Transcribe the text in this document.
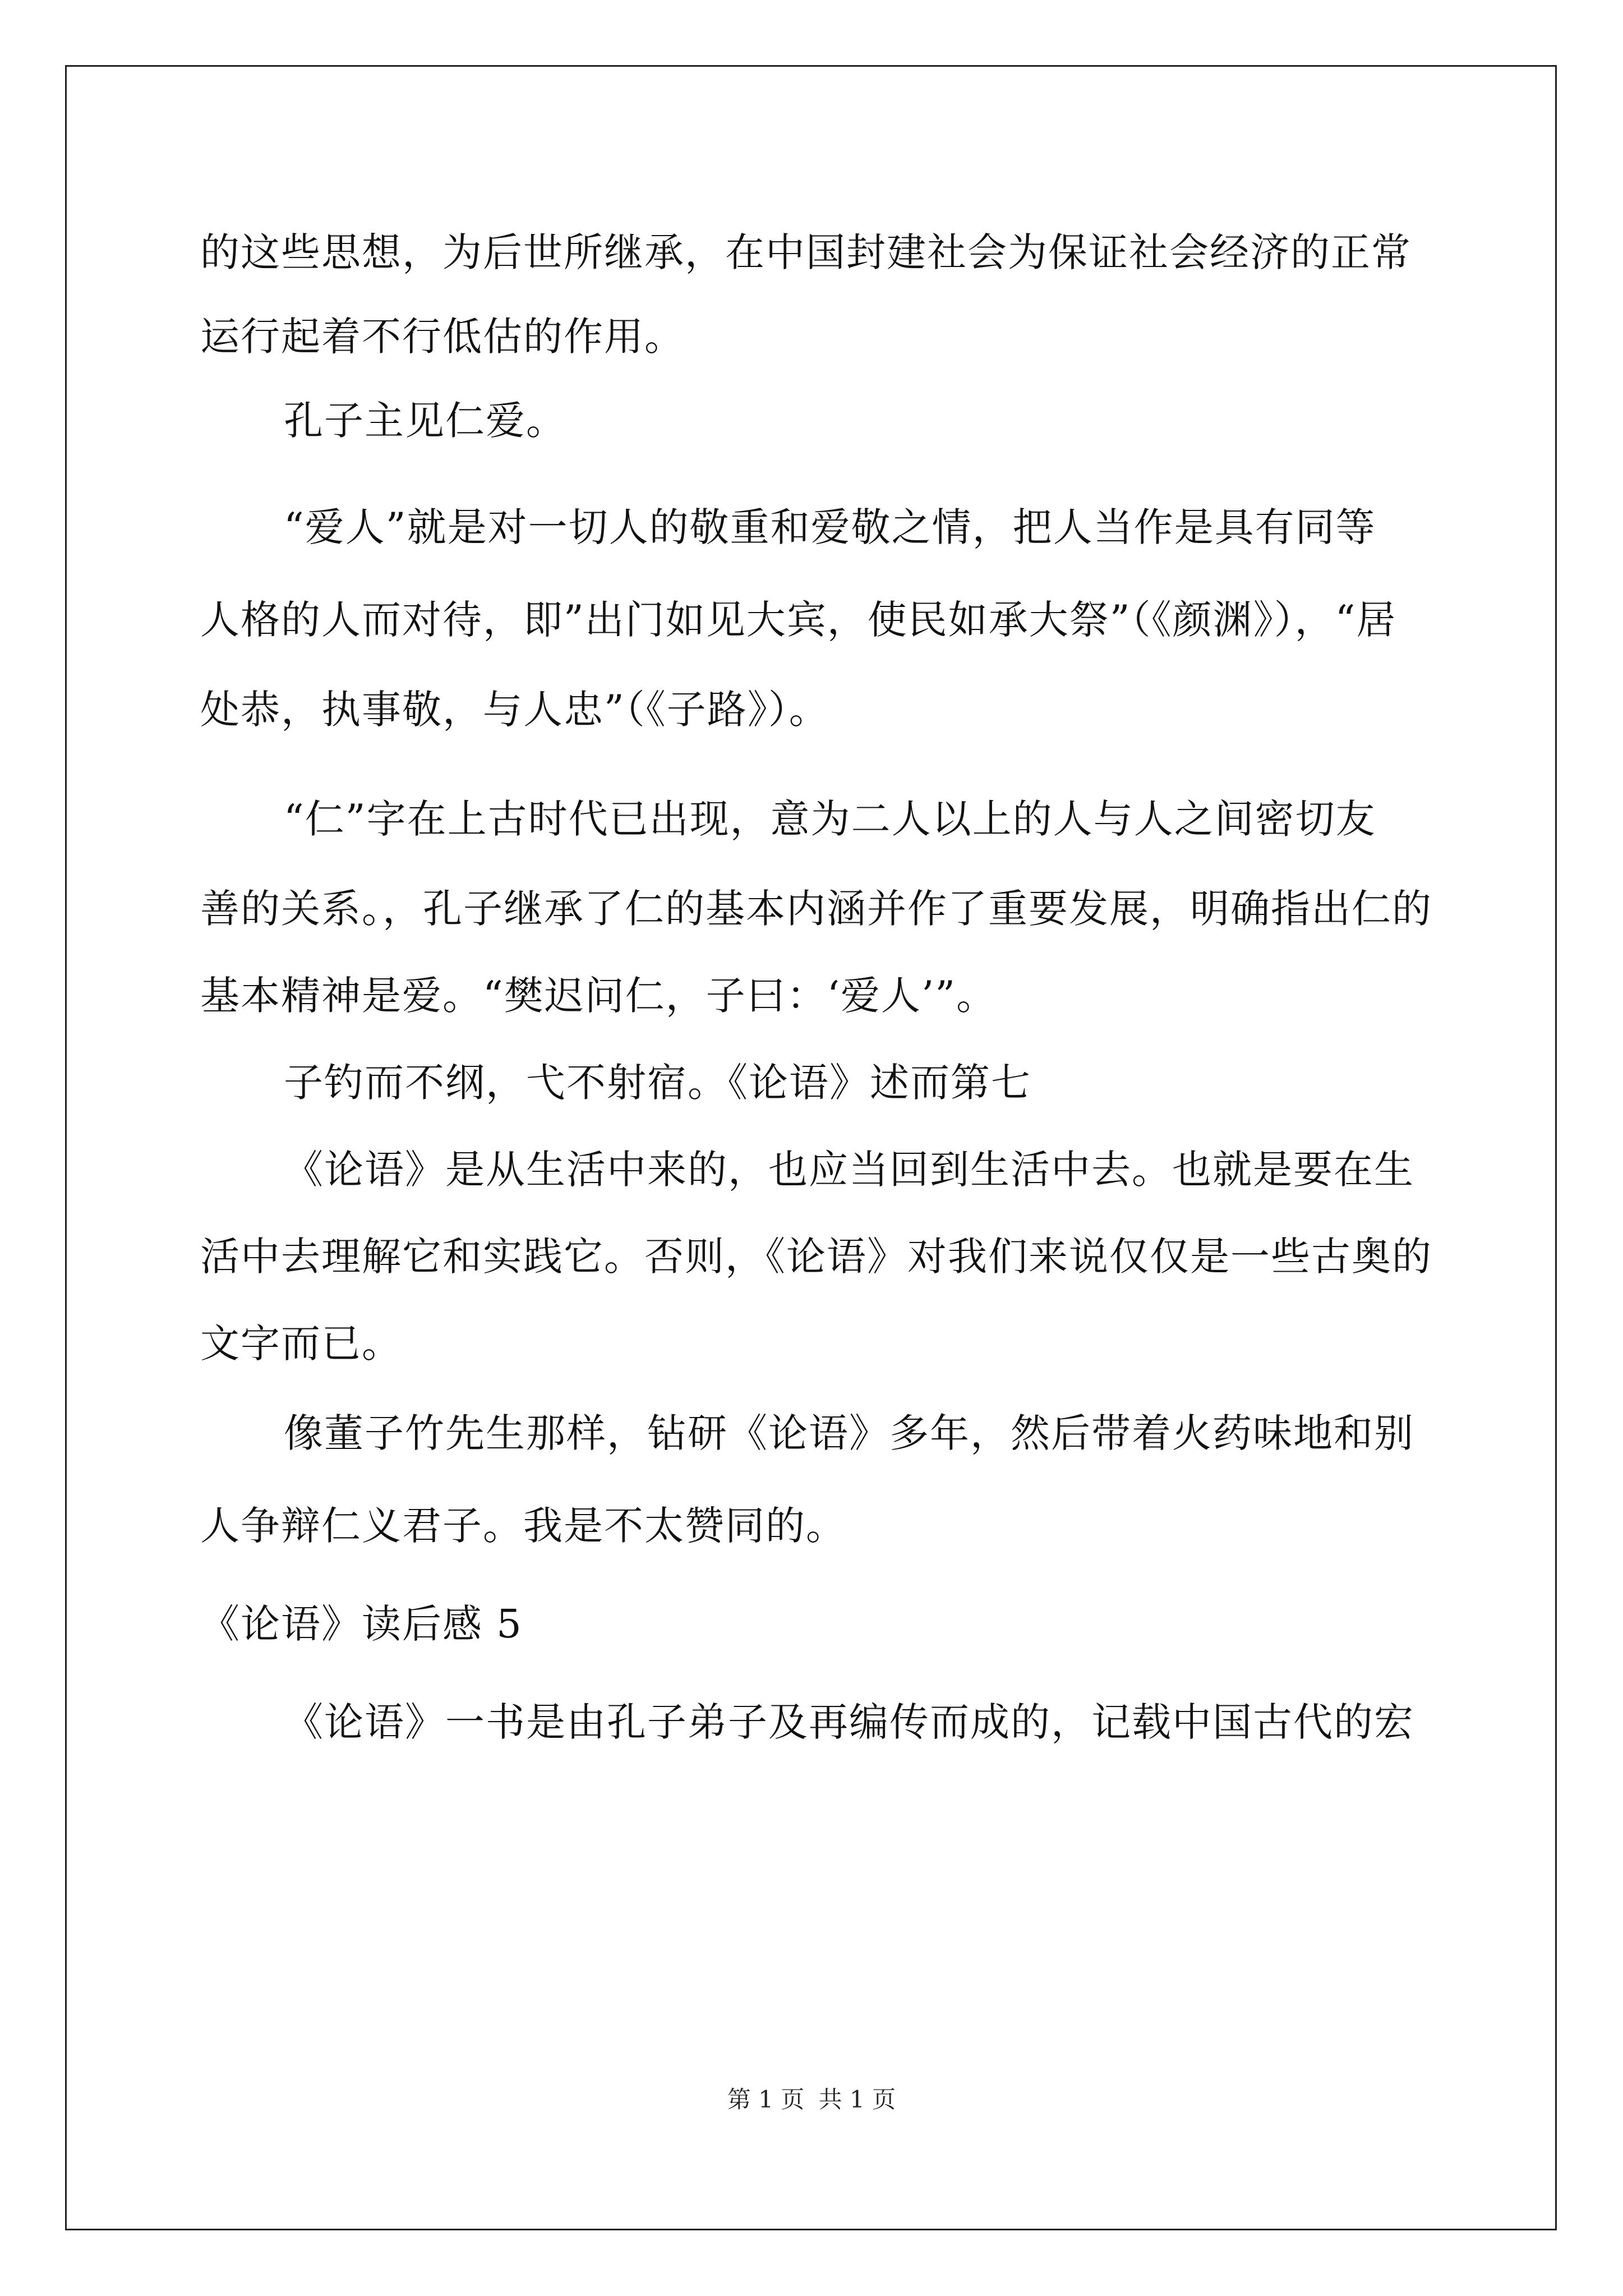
的这些思想，为后世所继承，在中国封建社会为保证社会经济的正常
运行起着不行低估的作用。
孔子主见仁爱。
“爱人”就是对一切人的敬重和爱敬之情，把人当作是具有同等
人格的人而对待，即”出门如见大宾，使民如承大祭”（《颜渊》），“居
处恭，执事敬，与人忠”（《子路》）。
“仁”字在上古时代已出现，意为二人以上的人与人之间密切友
善的关系。，孔子继承了仁的基本内涵并作了重要发展，明确指出仁的
基本精神是爱。“樊迟问仁，子曰：‘爱人’”。
子钓而不纲，弋不射宿。《论语》述而第七
《论语》是从生活中来的，也应当回到生活中去。也就是要在生
活中去理解它和实践它。否则，《论语》对我们来说仅仅是一些古奥的
文字而已。
像董子竹先生那样，钻研《论语》多年，然后带着火药味地和别
人争辩仁义君子。我是不太赞同的。
《论语》读后感 5
《论语》一书是由孔子弟子及再编传而成的，记载中国古代的宏
第 1 页 共 1 页
